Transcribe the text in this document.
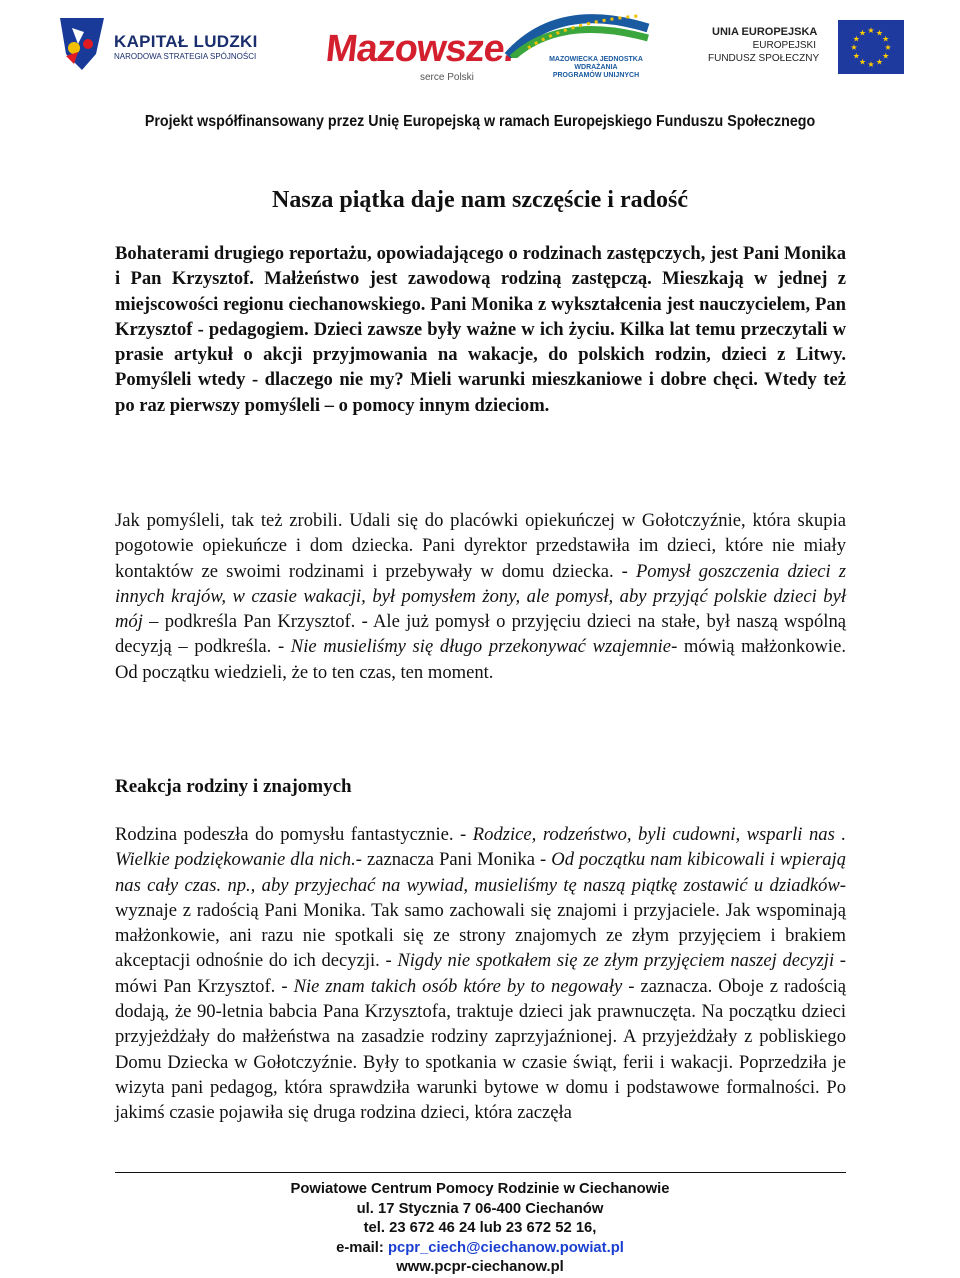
KAPITAŁ LUDZKI
NARODOWA STRATEGIA SPÓJNOŚCI Mazowsze.
serce Polski
MAZOWIECKA JEDNOSTKA
WDRAŻANIA
PROGRAMÓW UNIJNYCH
UNIA EUROPEJSKA
EUROPEJSKI
FUNDUSZ SPOŁECZNY
★ ★
★
★
★
★
★
★
★
★
★
★
Projekt współfinansowany przez Unię Europejską w ramach Europejskiego Funduszu Społecznego
Nasza piątka daje nam szczęście i radość
Bohaterami drugiego reportażu, opowiadającego o rodzinach zastępczych, jest Pani Monika i Pan Krzysztof. Małżeństwo jest zawodową rodziną zastępczą. Mieszkają w jednej z miejscowości regionu ciechanowskiego. Pani Monika z wykształcenia jest nauczycielem, Pan Krzysztof - pedagogiem. Dzieci zawsze były ważne w ich życiu. Kilka lat temu przeczytali w prasie artykuł o akcji przyjmowania na wakacje, do polskich rodzin, dzieci z Litwy. Pomyśleli wtedy - dlaczego nie my? Mieli warunki mieszkaniowe i dobre chęci. Wtedy też po raz pierwszy pomyśleli – o pomocy innym dzieciom.
Jak pomyśleli, tak też zrobili. Udali się do placówki opiekuńczej w Gołotczyźnie, która skupia pogotowie opiekuńcze i dom dziecka. Pani dyrektor przedstawiła im dzieci, które nie miały kontaktów ze swoimi rodzinami i przebywały w domu dziecka. - Pomysł goszczenia dzieci z innych krajów, w czasie wakacji, był pomysłem żony, ale pomysł, aby przyjąć polskie dzieci był mój – podkreśla Pan Krzysztof. - Ale już pomysł o przyjęciu dzieci na stałe, był naszą wspólną decyzją – podkreśla. - Nie musieliśmy się długo przekonywać wzajemnie- mówią małżonkowie. Od początku wiedzieli, że to ten czas, ten moment.
Reakcja rodziny i znajomych
Rodzina podeszła do pomysłu fantastycznie. - Rodzice, rodzeństwo, byli cudowni, wsparli nas . Wielkie podziękowanie dla nich.- zaznacza Pani Monika - Od początku nam kibicowali i wpierają nas cały czas. np., aby przyjechać na wywiad, musieliśmy tę naszą piątkę zostawić u dziadków- wyznaje z radością Pani Monika. Tak samo zachowali się znajomi i przyjaciele. Jak wspominają małżonkowie, ani razu nie spotkali się ze strony znajomych ze złym przyjęciem i brakiem akceptacji odnośnie do ich decyzji. - Nigdy nie spotkałem się ze złym przyjęciem naszej decyzji - mówi Pan Krzysztof. - Nie znam takich osób które by to negowały - zaznacza. Oboje z radością dodają, że 90-letnia babcia Pana Krzysztofa, traktuje dzieci jak prawnuczęta. Na początku dzieci przyjeżdżały do małżeństwa na zasadzie rodziny zaprzyjaźnionej. A przyjeżdżały z pobliskiego Domu Dziecka w Gołotczyźnie. Były to spotkania w czasie świąt, ferii i wakacji. Poprzedziła je wizyta pani pedagog, która sprawdziła warunki bytowe w domu i podstawowe formalności. Po jakimś czasie pojawiła się druga rodzina dzieci, która zaczęła
Powiatowe Centrum Pomocy Rodzinie w Ciechanowie
ul. 17 Stycznia 7 06-400 Ciechanów
tel. 23 672 46 24 lub 23 672 52 16,
e-mail: pcpr_ciech@ciechanow.powiat.pl
www.pcpr-ciechanow.pl
